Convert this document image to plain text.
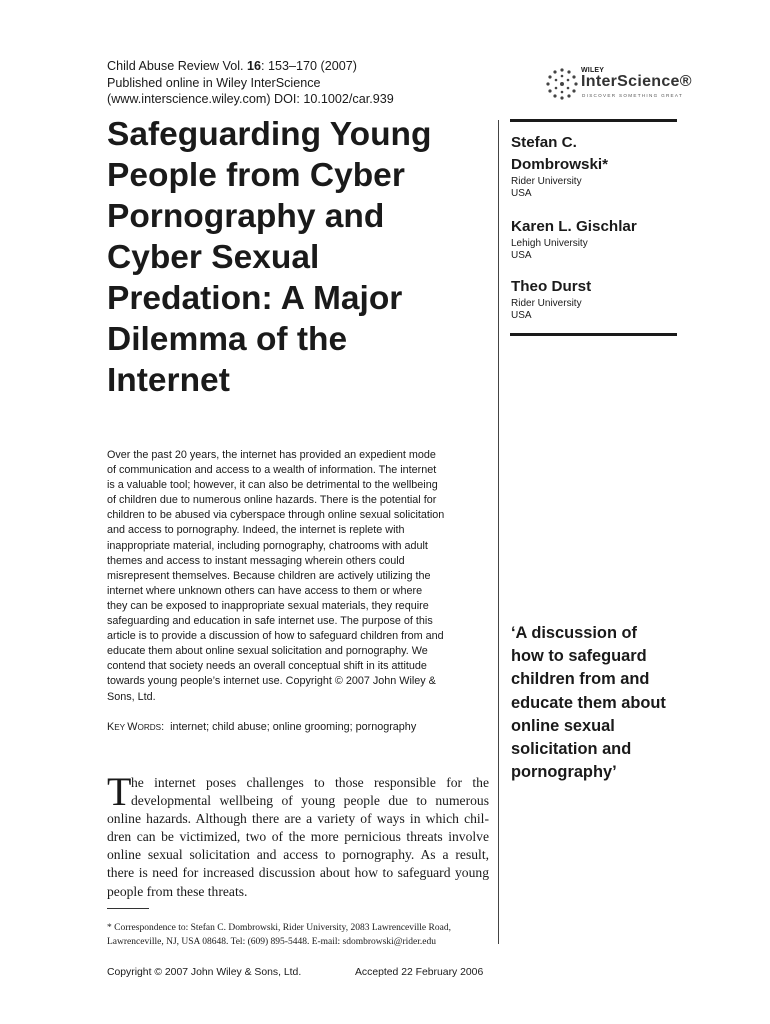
Child Abuse Review Vol. 16: 153–170 (2007)
Published online in Wiley InterScience
(www.interscience.wiley.com) DOI: 10.1002/car.939
WILEY
InterScience®
DISCOVER SOMETHING GREAT
Safeguarding Young
People from Cyber
Pornography and
Cyber Sexual
Predation: A Major
Dilemma of the
Internet
Stefan C.
Dombrowski*
Rider University
USA
Karen L. Gischlar
Lehigh University
USA
Theo Durst
Rider University
USA
Over the past 20 years, the internet has provided an expedient mode
of communication and access to a wealth of information. The internet
is a valuable tool; however, it can also be detrimental to the wellbeing
of children due to numerous online hazards. There is the potential for
children to be abused via cyberspace through online sexual solicitation
and access to pornography. Indeed, the internet is replete with
inappropriate material, including pornography, chatrooms with adult
themes and access to instant messaging wherein others could
misrepresent themselves. Because children are actively utilizing the
internet where unknown others can have access to them or where
they can be exposed to inappropriate sexual materials, they require
safeguarding and education in safe internet use. The purpose of this
article is to provide a discussion of how to safeguard children from and
educate them about online sexual solicitation and pornography. We
contend that society needs an overall conceptual shift in its attitude
towards young people’s internet use. Copyright © 2007 John Wiley &
Sons, Ltd.
KEY WORDS: internet; child abuse; online grooming; pornography
T he internet poses challenges to those responsible for the
developmental wellbeing of young people due to numerous
online hazards. Although there are a variety of ways in which chil-
dren can be victimized, two of the more pernicious threats involve
online sexual solicitation and access to pornography. As a result,
there is need for increased discussion about how to safeguard young
people from these threats.
* Correspondence to: Stefan C. Dombrowski, Rider University, 2083 Lawrenceville Road,
Lawrenceville, NJ, USA 08648. Tel: (609) 895-5448. E-mail: sdombrowski@rider.edu
Copyright © 2007 John Wiley & Sons, Ltd.	Accepted 22 February 2006
‘A discussion of
how to safeguard
children from and
educate them about
online sexual
solicitation and
pornography’
